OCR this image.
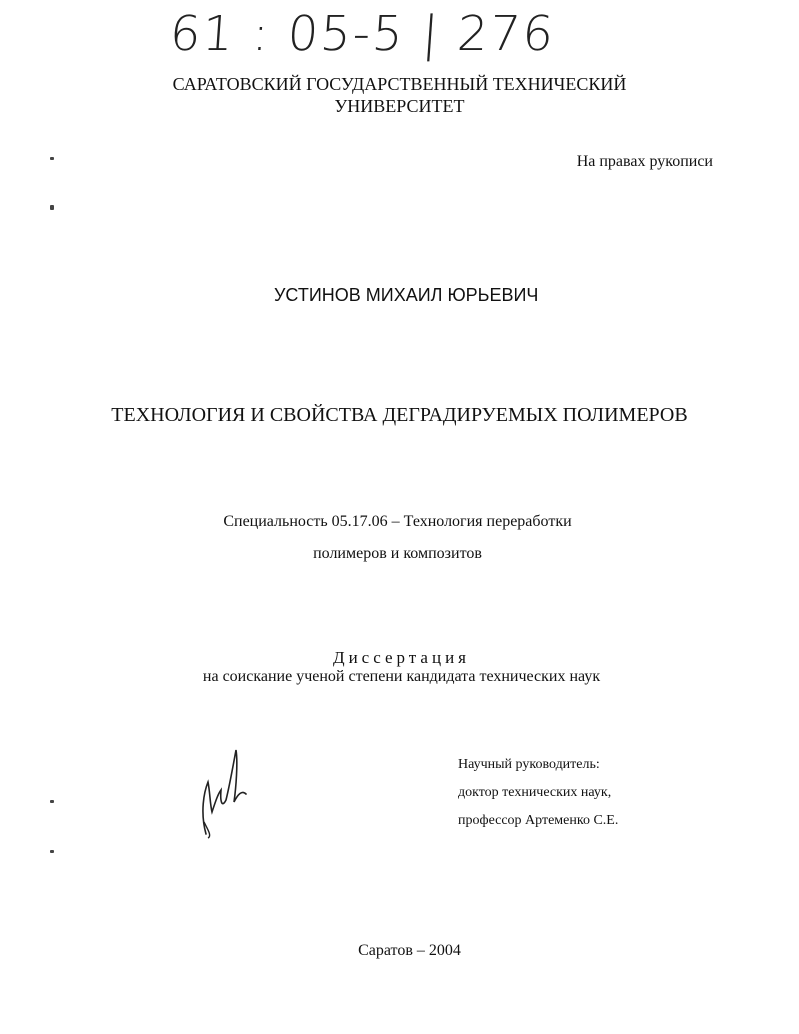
61 : 05-5 | 276
САРАТОВСКИЙ ГОСУДАРСТВЕННЫЙ ТЕХНИЧЕСКИЙ
УНИВЕРСИТЕТ
На правах рукописи
УСТИНОВ МИХАИЛ ЮРЬЕВИЧ
ТЕХНОЛОГИЯ И СВОЙСТВА ДЕГРАДИРУЕМЫХ ПОЛИМЕРОВ
Специальность 05.17.06 – Технология переработки
полимеров и композитов
Диссертация
на соискание ученой степени кандидата технических наук
Научный руководитель:
доктор технических наук,
профессор Артеменко С.Е.
Саратов – 2004
